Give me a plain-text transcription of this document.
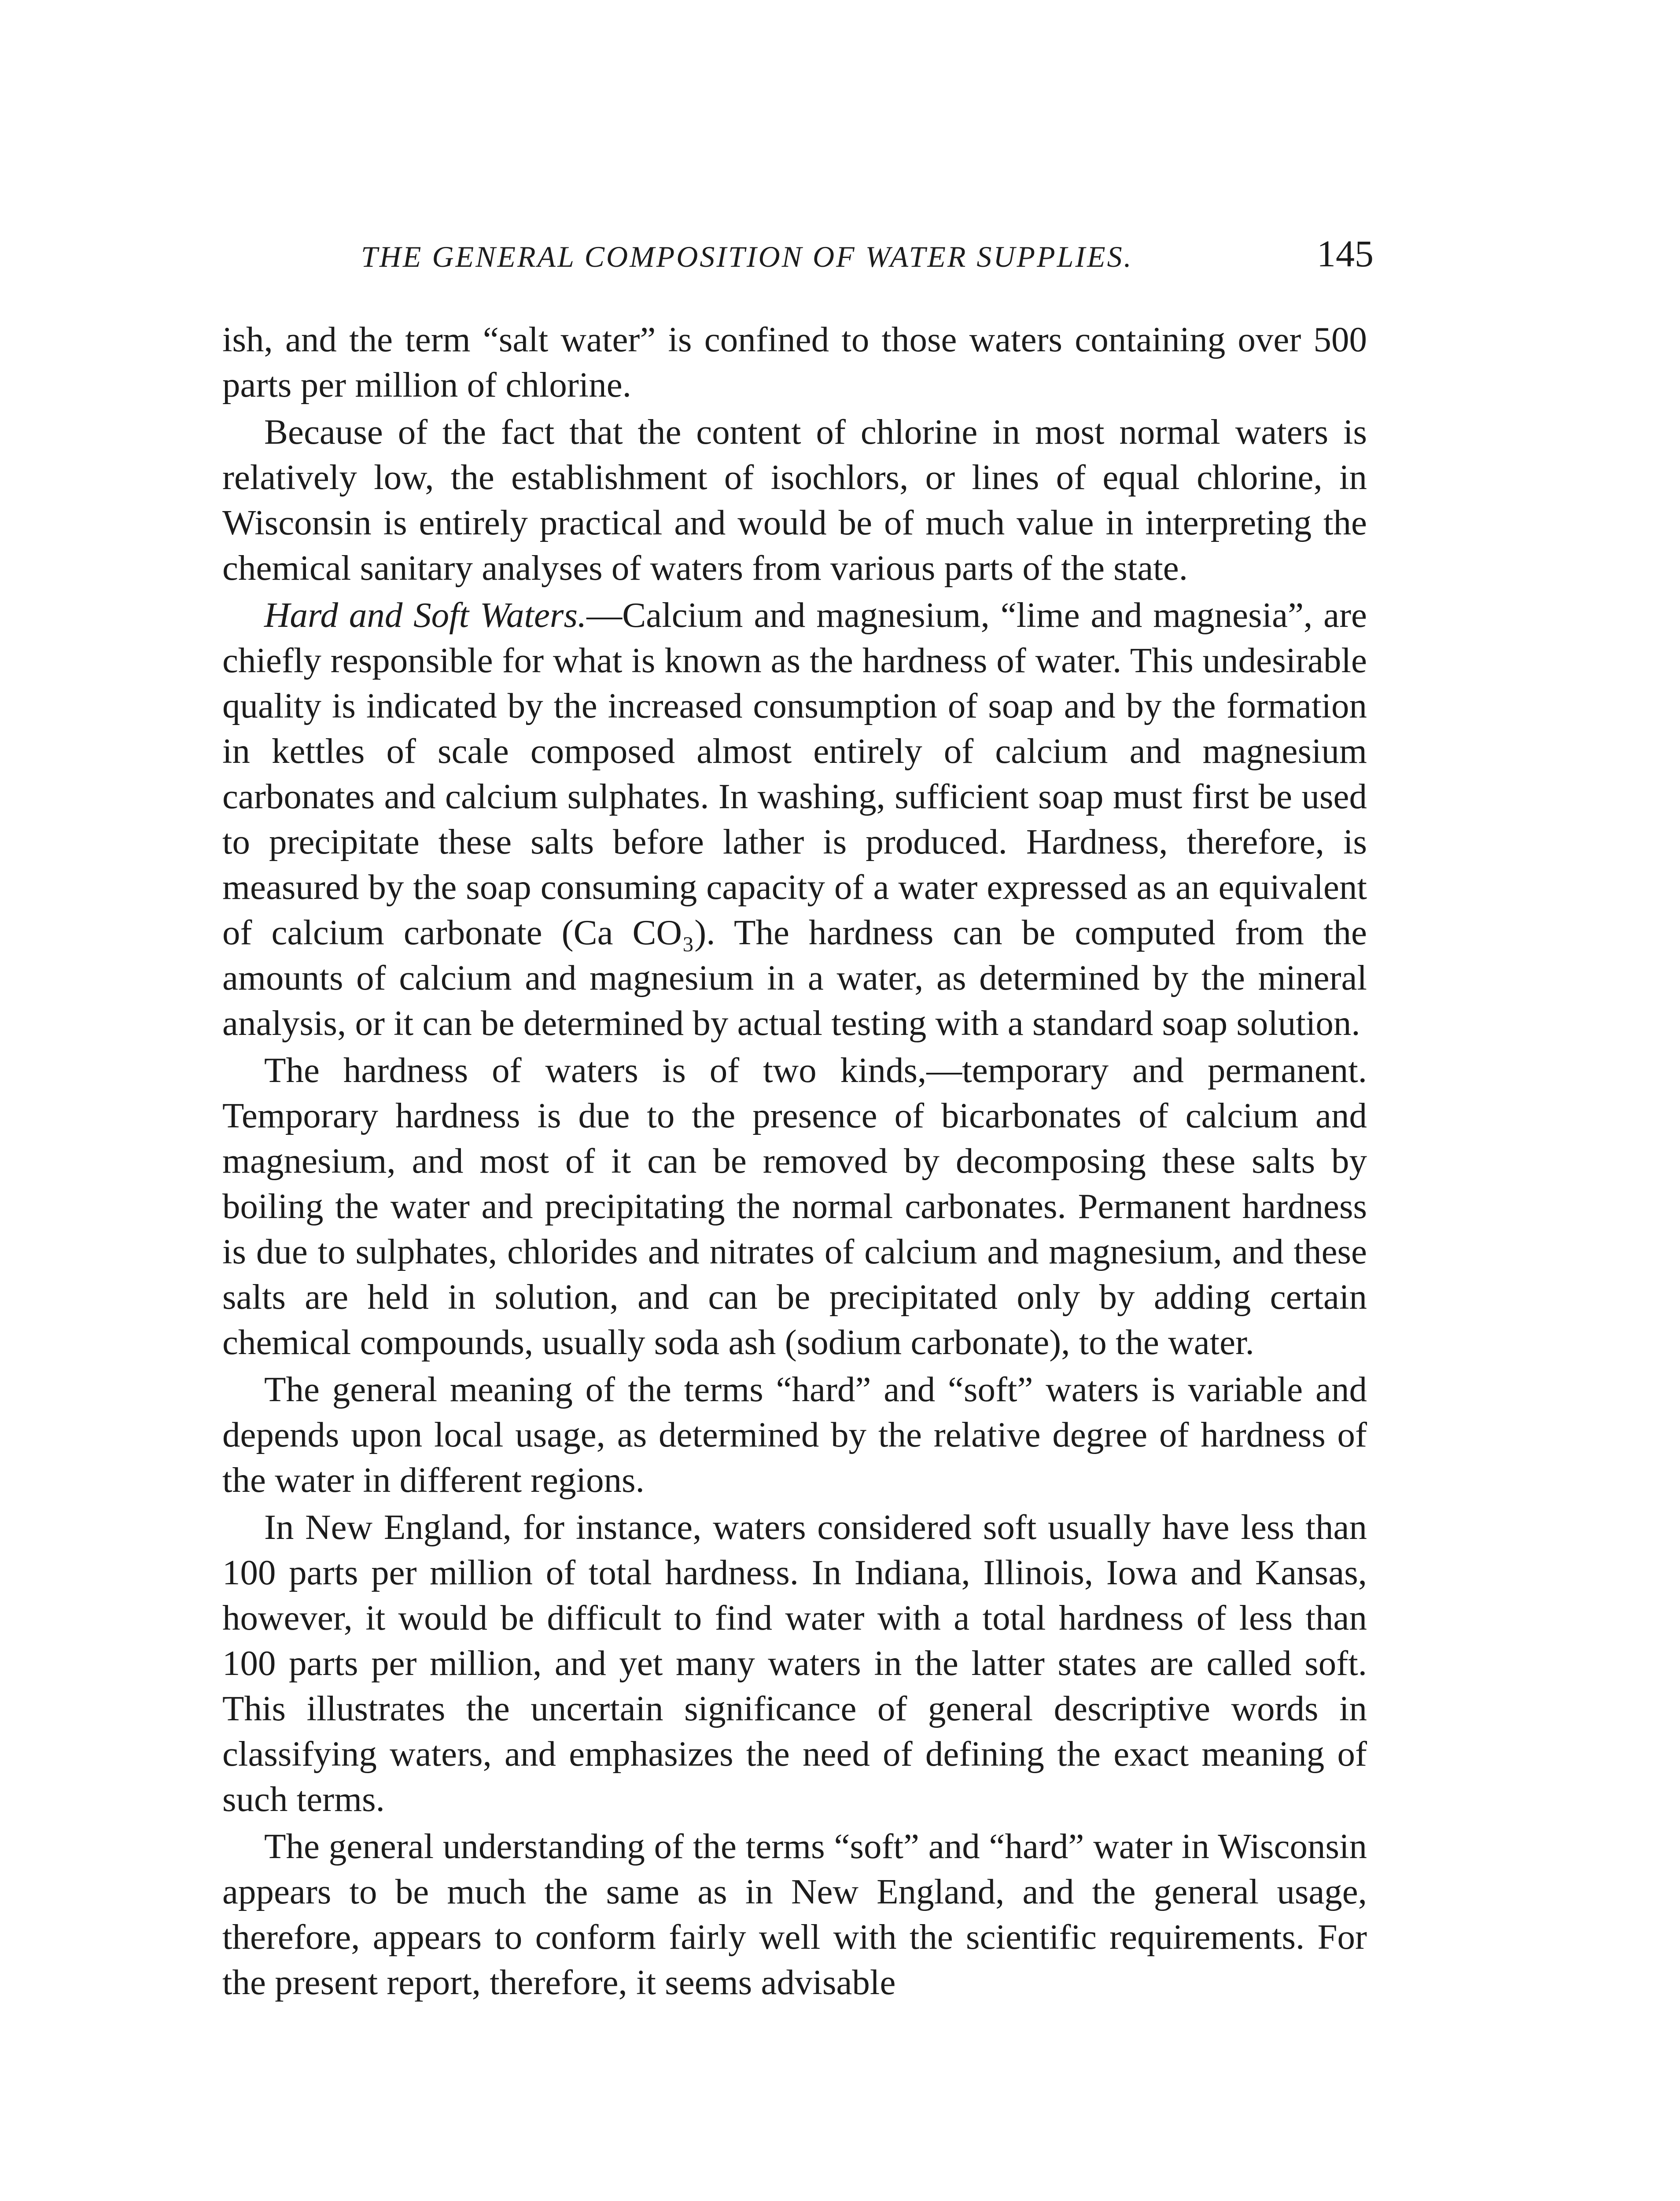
THE GENERAL COMPOSITION OF WATER SUPPLIES.	145

ish, and the term “salt water” is confined to those waters containing over 500 parts per million of chlorine.

Because of the fact that the content of chlorine in most normal waters is relatively low, the establishment of isochlors, or lines of equal chlorine, in Wisconsin is entirely practical and would be of much value in interpreting the chemical sanitary analyses of waters from various parts of the state.

Hard and Soft Waters.—Calcium and magnesium, “lime and magnesia”, are chiefly responsible for what is known as the hardness of water. This undesirable quality is indicated by the increased consumption of soap and by the formation in kettles of scale composed almost entirely of calcium and magnesium carbonates and calcium sulphates. In washing, sufficient soap must first be used to precipitate these salts before lather is produced. Hardness, therefore, is measured by the soap consuming capacity of a water expressed as an equivalent of calcium carbonate (Ca CO₃). The hardness can be computed from the amounts of calcium and magnesium in a water, as determined by the mineral analysis, or it can be determined by actual testing with a standard soap solution.

The hardness of waters is of two kinds,—temporary and permanent. Temporary hardness is due to the presence of bicarbonates of calcium and magnesium, and most of it can be removed by decomposing these salts by boiling the water and precipitating the normal carbonates. Permanent hardness is due to sulphates, chlorides and nitrates of calcium and magnesium, and these salts are held in solution, and can be precipitated only by adding certain chemical compounds, usually soda ash (sodium carbonate), to the water.

The general meaning of the terms “hard” and “soft” waters is variable and depends upon local usage, as determined by the relative degree of hardness of the water in different regions.

In New England, for instance, waters considered soft usually have less than 100 parts per million of total hardness. In Indiana, Illinois, Iowa and Kansas, however, it would be difficult to find water with a total hardness of less than 100 parts per million, and yet many waters in the latter states are called soft. This illustrates the uncertain significance of general descriptive words in classifying waters, and emphasizes the need of defining the exact meaning of such terms.

The general understanding of the terms “soft” and “hard” water in Wisconsin appears to be much the same as in New England, and the general usage, therefore, appears to conform fairly well with the scientific requirements. For the present report, therefore, it seems advisable
